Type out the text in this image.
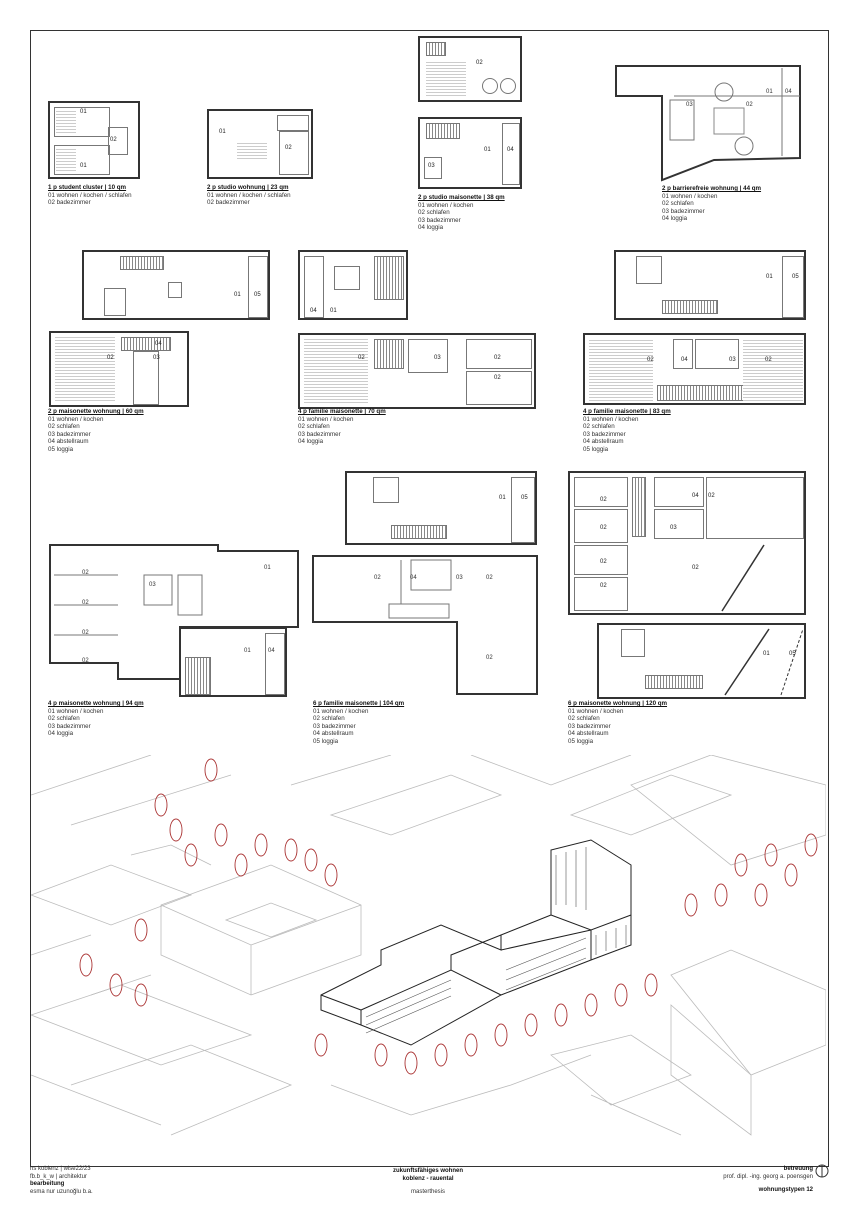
01
02
01
1 p student cluster | 10 qm
01 wohnen / kochen / schlafen
02 badezimmer
01
02
2 p studio wohnung | 23 qm
01 wohnen / kochen / schlafen
02 badezimmer
02
03
01	04
2 p studio maisonette | 38 qm
01 wohnen / kochen
02 schlafen
03 badezimmer
04 loggia
01 04
03	02
2 p barrierefreie wohnung | 44 qm
01 wohnen / kochen
02 schlafen
03 badezimmer
04 loggia
01 05
04
02	03
2 p maisonette wohnung | 60 qm
01 wohnen / kochen
02 schlafen
03 badezimmer
04 abstellraum
05 loggia
04 01
02	03	02
02
4 p familie maisonette | 70 qm
01 wohnen / kochen
02 schlafen
03 badezimmer
04 loggia
01	05
02	04	03	02
4 p familie maisonette | 83 qm
01 wohnen / kochen
02 schlafen
03 badezimmer
04 abstellraum
05 loggia
01
02
02
02
02
03
01	04
4 p maisonette wohnung | 94 qm
01 wohnen / kochen
02 schlafen
03 badezimmer
04 loggia
01	05
02	04	03	02
02
6 p familie maisonette | 104 qm
01 wohnen / kochen
02 schlafen
03 badezimmer
04 abstellraum
05 loggia
02
04 02
02	03
02
02
02
01	05
6 p maisonette wohnung | 120 qm
01 wohnen / kochen
02 schlafen
03 badezimmer
04 abstellraum
05 loggia
hs koblenz | wise22/23
fb.b_k_w | architektur
bearbeitung
esma nur uzunoğlu b.a.
zukunftsfähiges wohnen
koblenz - rauental
masterthesis
betreuung
prof. dipl. -ing. georg a. poensgen
wohnungstypen 12
